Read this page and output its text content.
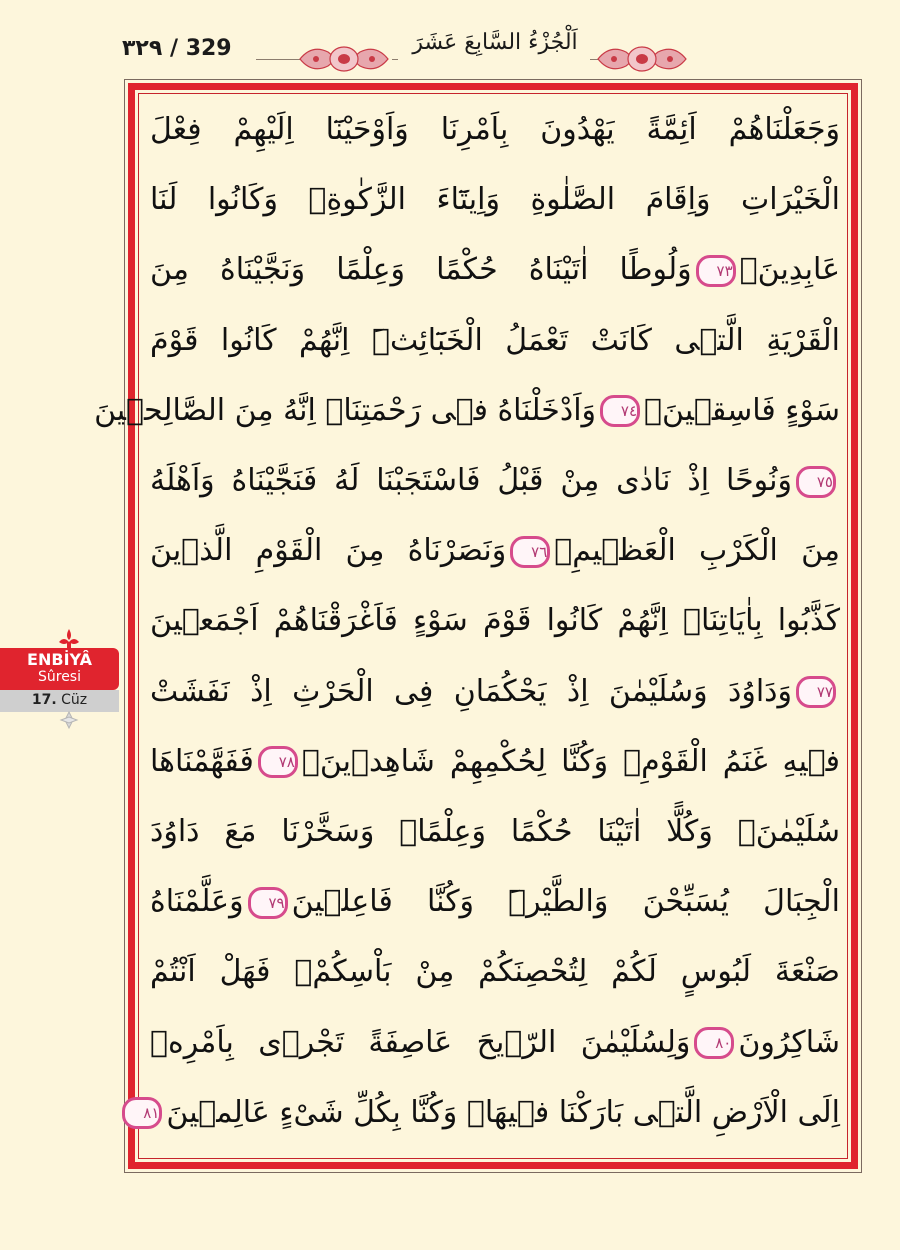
٣٢٩ / 329	اَلْجُزْءُ السَّابِعَ عَشَرَ
وَجَعَلْنَاهُمْ اَئِمَّةً يَهْدُونَ بِاَمْرِنَا وَاَوْحَيْنَٓا اِلَيْهِمْ فِعْلَ
الْخَيْرَاتِ وَاِقَامَ الصَّلٰوةِ وَاِيتَٓاءَ الزَّكٰوةِۚ وَكَانُوا لَنَا
عَابِدِينَۙ٧٣وَلُوطًا اٰتَيْنَاهُ حُكْمًا وَعِلْمًا وَنَجَّيْنَاهُ مِنَ
الْقَرْيَةِ الَّتٖى كَانَتْ تَعْمَلُ الْخَبَٓائِثَۜ اِنَّهُمْ كَانُوا قَوْمَ
سَوْءٍ فَاسِقٖينَۙ٧٤وَاَدْخَلْنَاهُ فٖى رَحْمَتِنَاۜ اِنَّهُ مِنَ الصَّالِحٖينَ
٧٥وَنُوحًا اِذْ نَادٰى مِنْ قَبْلُ فَاسْتَجَبْنَا لَهُ فَنَجَّيْنَاهُ وَاَهْلَهُ
مِنَ الْكَرْبِ الْعَظٖيمِۚ٧٦وَنَصَرْنَاهُ مِنَ الْقَوْمِ الَّذٖينَ
كَذَّبُوا بِاٰيَاتِنَاۜ اِنَّهُمْ كَانُوا قَوْمَ سَوْءٍ فَاَغْرَقْنَاهُمْ اَجْمَعٖينَ
٧٧وَدَاوُدَ وَسُلَيْمٰنَ اِذْ يَحْكُمَانِ فِى الْحَرْثِ اِذْ نَفَشَتْ
فٖيهِ غَنَمُ الْقَوْمِۚ وَكُنَّا لِحُكْمِهِمْ شَاهِدٖينَۙ٧٨فَفَهَّمْنَاهَا
سُلَيْمٰنَۚ وَكُلًّا اٰتَيْنَا حُكْمًا وَعِلْمًاۘ وَسَخَّرْنَا مَعَ دَاوُدَ
الْجِبَالَ يُسَبِّحْنَ وَالطَّيْرَۜ وَكُنَّا فَاعِلٖينَ٧٩وَعَلَّمْنَاهُ
صَنْعَةَ لَبُوسٍ لَكُمْ لِتُحْصِنَكُمْ مِنْ بَاْسِكُمْۚ فَهَلْ اَنْتُمْ
شَاكِرُونَ٨٠وَلِسُلَيْمٰنَ الرّٖيحَ عَاصِفَةً تَجْرٖى بِاَمْرِهٖ
اِلَى الْاَرْضِ الَّتٖى بَارَكْنَا فٖيهَاۜ وَكُنَّا بِكُلِّ شَىْءٍ عَالِمٖينَ٨١
ENBİYÂ
Sûresi
17. Cüz
